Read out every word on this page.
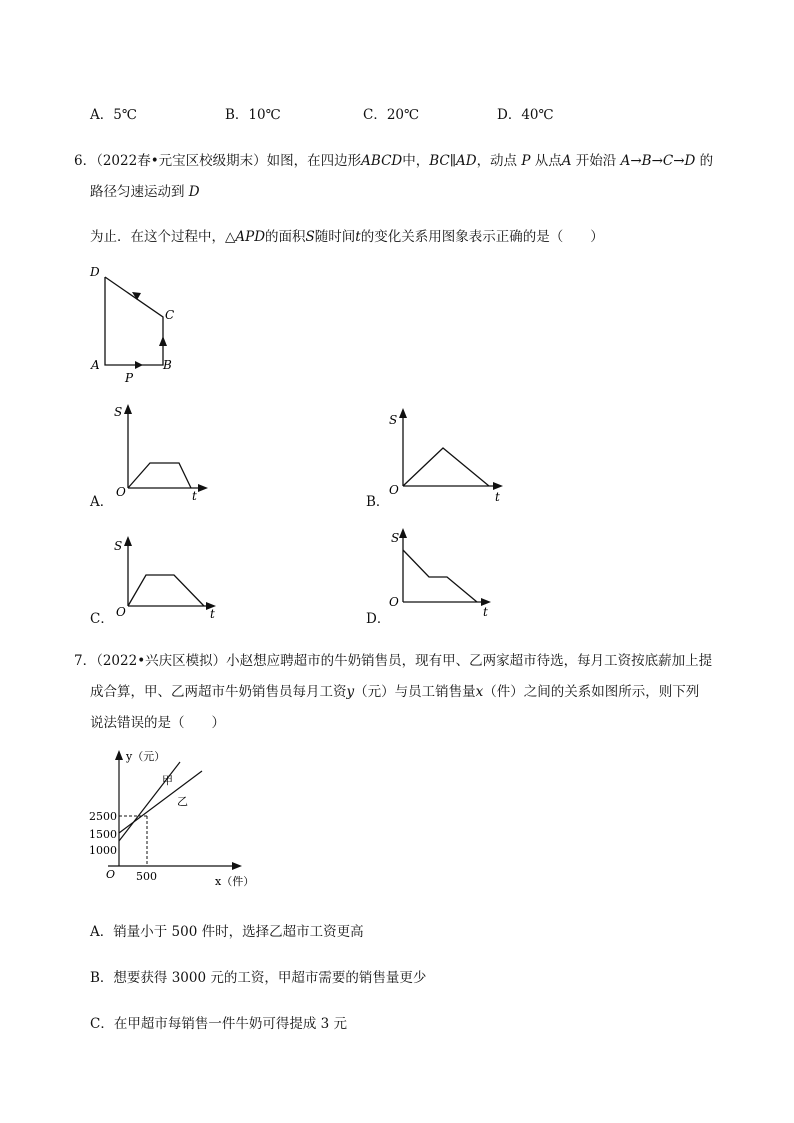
A．5℃	B．10℃	C．20℃	D．40℃
6．（2022春•元宝区校级期末）如图，在四边形ABCD中，BC∥AD，动点 P 从点A 开始沿 A→B→C→D 的
路径匀速运动到 D
为止．在这个过程中，△APD的面积S随时间t的变化关系用图象表示正确的是（　　）
D
C
A	B
P
S
O	t
A．
S
O	t
B．
S
O	t
C．
S
O
t
D．
7．（2022•兴庆区模拟）小赵想应聘超市的牛奶销售员，现有甲、乙两家超市待选，每月工资按底薪加上提
成合算，甲、乙两超市牛奶销售员每月工资y（元）与员工销售量x（件）之间的关系如图所示，则下列
说法错误的是（　　）
y（元）
甲
乙
2500
1500
1000
O 500	x（件）
A．销量小于 500 件时，选择乙超市工资更高
B．想要获得 3000 元的工资，甲超市需要的销售量更少
C．在甲超市每销售一件牛奶可得提成 3 元
